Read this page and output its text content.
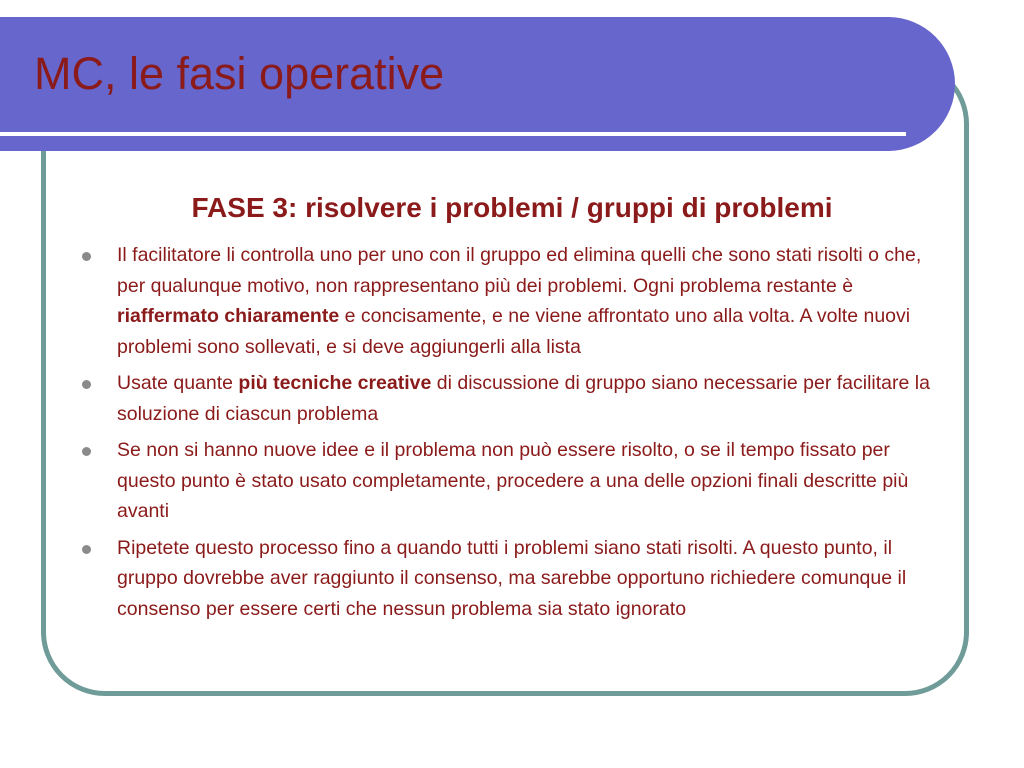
MC, le fasi operative
FASE 3: risolvere i problemi / gruppi di problemi
Il facilitatore li controlla uno per uno con il gruppo ed elimina quelli che sono stati risolti o che, per qualunque motivo, non rappresentano più dei problemi. Ogni problema restante è riaffermato chiaramente e concisamente, e ne viene affrontato uno alla volta. A volte nuovi problemi sono sollevati, e si deve aggiungerli alla lista
Usate quante più tecniche creative di discussione di gruppo siano necessarie per facilitare la soluzione di ciascun problema
Se non si hanno nuove idee e il problema non può essere risolto, o se il tempo fissato per questo punto è stato usato completamente, procedere a una delle opzioni finali descritte più avanti
Ripetete questo processo fino a quando tutti i problemi siano stati risolti. A questo punto, il gruppo dovrebbe aver raggiunto il consenso, ma sarebbe opportuno richiedere comunque il consenso per essere certi che nessun problema sia stato ignorato
